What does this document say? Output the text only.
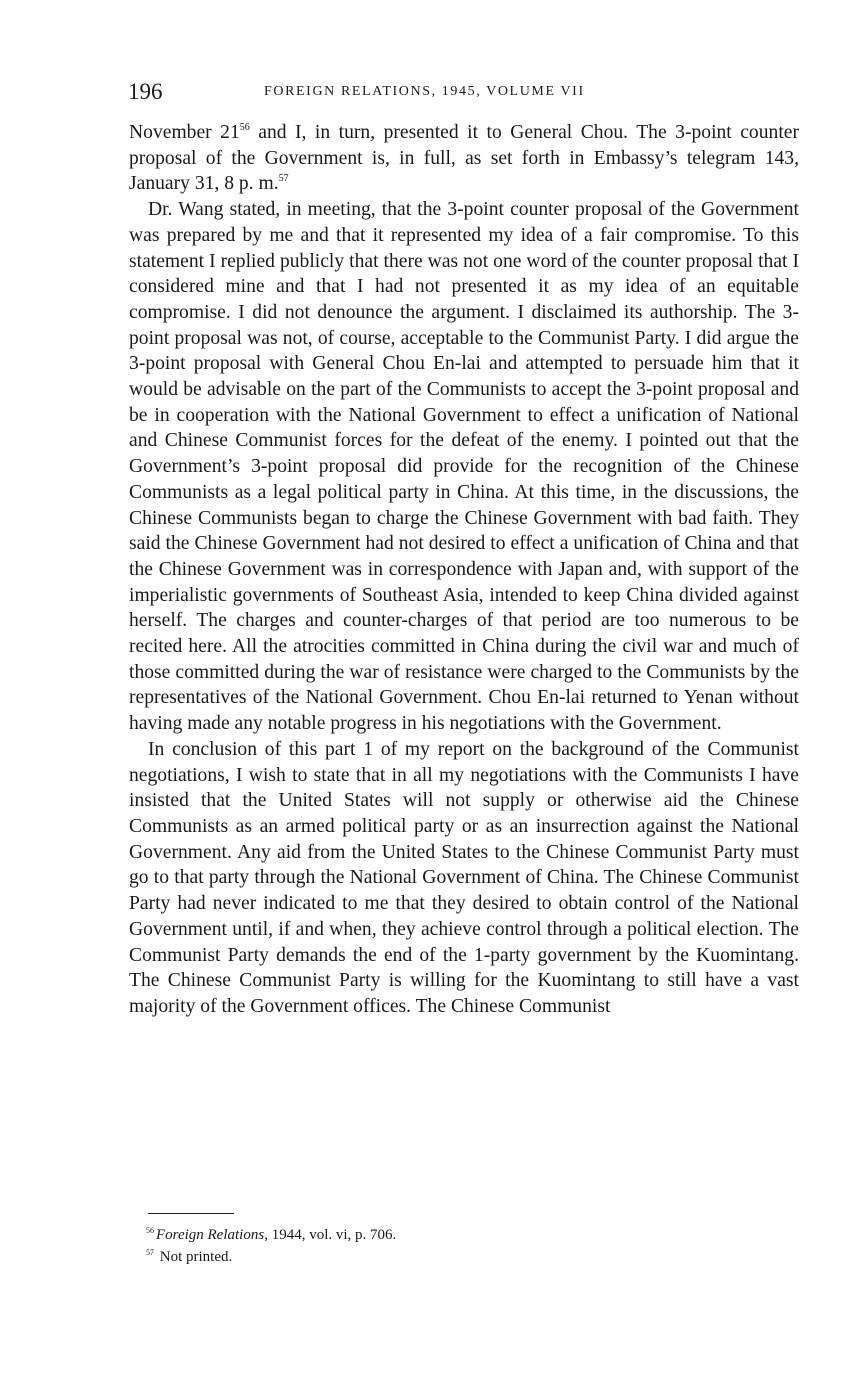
196	FOREIGN RELATIONS, 1945, VOLUME VII

November $21^{56}$ and I, in turn, presented it to General Chou. The 3-point counter proposal of the Government is, in full, as set forth in Embassy’s telegram 143, January 31, 8 p. m.$^{57}$

Dr. Wang stated, in meeting, that the 3-point counter proposal of the Government was prepared by me and that it represented my idea of a fair compromise. To this statement I replied publicly that there was not one word of the counter proposal that I considered mine and that I had not presented it as my idea of an equitable compromise. I did not denounce the argument. I disclaimed its authorship. The 3-point proposal was not, of course, acceptable to the Communist Party. I did argue the 3-point proposal with General Chou En-lai and attempted to persuade him that it would be advisable on the part of the Communists to accept the 3-point proposal and be in cooperation with the National Government to effect a unification of National and Chinese Communist forces for the defeat of the enemy. I pointed out that the Government’s 3-point proposal did provide for the recognition of the Chinese Communists as a legal political party in China. At this time, in the discussions, the Chinese Communists began to charge the Chinese Government with bad faith. They said the Chinese Government had not desired to effect a unification of China and that the Chinese Government was in correspondence with Japan and, with support of the imperialistic governments of Southeast Asia, intended to keep China divided against herself. The charges and counter-charges of that period are too numerous to be recited here. All the atrocities committed in China during the civil war and much of those committed during the war of resistance were charged to the Communists by the representatives of the National Government. Chou En-lai returned to Yenan without having made any notable progress in his negotiations with the Government.

In conclusion of this part 1 of my report on the background of the Communist negotiations, I wish to state that in all my negotiations with the Communists I have insisted that the United States will not supply or otherwise aid the Chinese Communists as an armed political party or as an insurrection against the National Government. Any aid from the United States to the Chinese Communist Party must go to that party through the National Government of China. The Chinese Communist Party had never indicated to me that they desired to obtain control of the National Government until, if and when, they achieve control through a political election. The Communist Party demands the end of the 1-party government by the Kuomintang. The Chinese Communist Party is willing for the Kuomintang to still have a vast majority of the Government offices. The Chinese Communist

$^{56}$ Foreign Relations, 1944, vol. vi, p. 706.
$^{57}$ Not printed.
